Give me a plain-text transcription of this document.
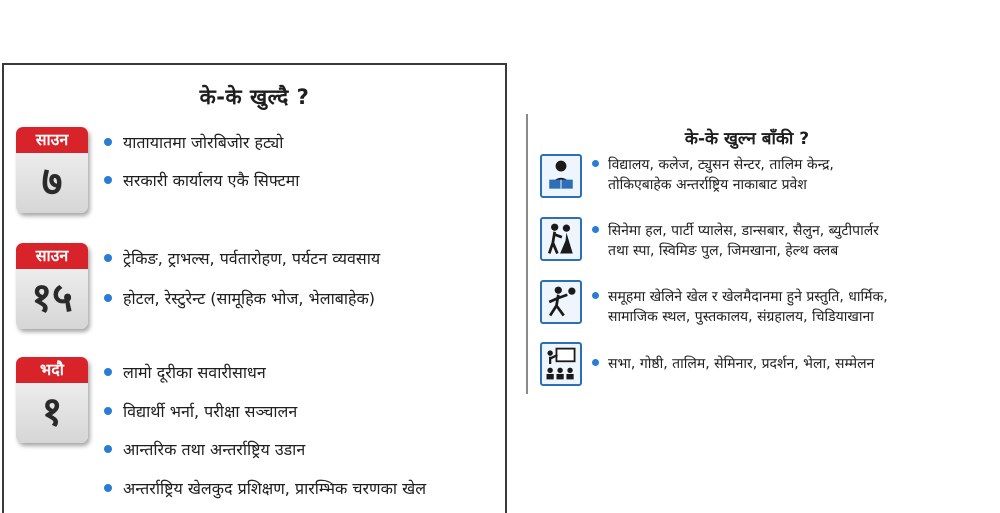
के-के खुल्दै ?
साउन
७
यातायातमा जोरबिजोर हट्यो
सरकारी कार्यालय एकै सिफ्टमा
साउन
१५
ट्रेकिङ, ट्राभल्स, पर्वतारोहण, पर्यटन व्यवसाय
होटल, रेस्टुरेन्ट (सामूहिक भोज, भेलाबाहेक)
भदौ
१
लामो दूरीका सवारीसाधन
विद्यार्थी भर्ना, परीक्षा सञ्चालन
आन्तरिक तथा अन्तर्राष्ट्रिय उडान
अन्तर्राष्ट्रिय खेलकुद प्रशिक्षण, प्रारम्भिक चरणका खेल
के-के खुल्न बाँकी ?
विद्यालय, कलेज, ट्युसन सेन्टर, तालिम केन्द्र,
तोकिएबाहेक अन्तर्राष्ट्रिय नाकाबाट प्रवेश
सिनेमा हल, पार्टी प्यालेस, डान्सबार, सैलुन, ब्युटीपार्लर
तथा स्पा, स्विमिङ पुल, जिमखाना, हेल्थ क्लब
समूहमा खेलिने खेल र खेलमैदानमा हुने प्रस्तुति, धार्मिक,
सामाजिक स्थल, पुस्तकालय, संग्रहालय, चिडियाखाना
सभा, गोष्ठी, तालिम, सेमिनार, प्रदर्शन, भेला, सम्मेलन
